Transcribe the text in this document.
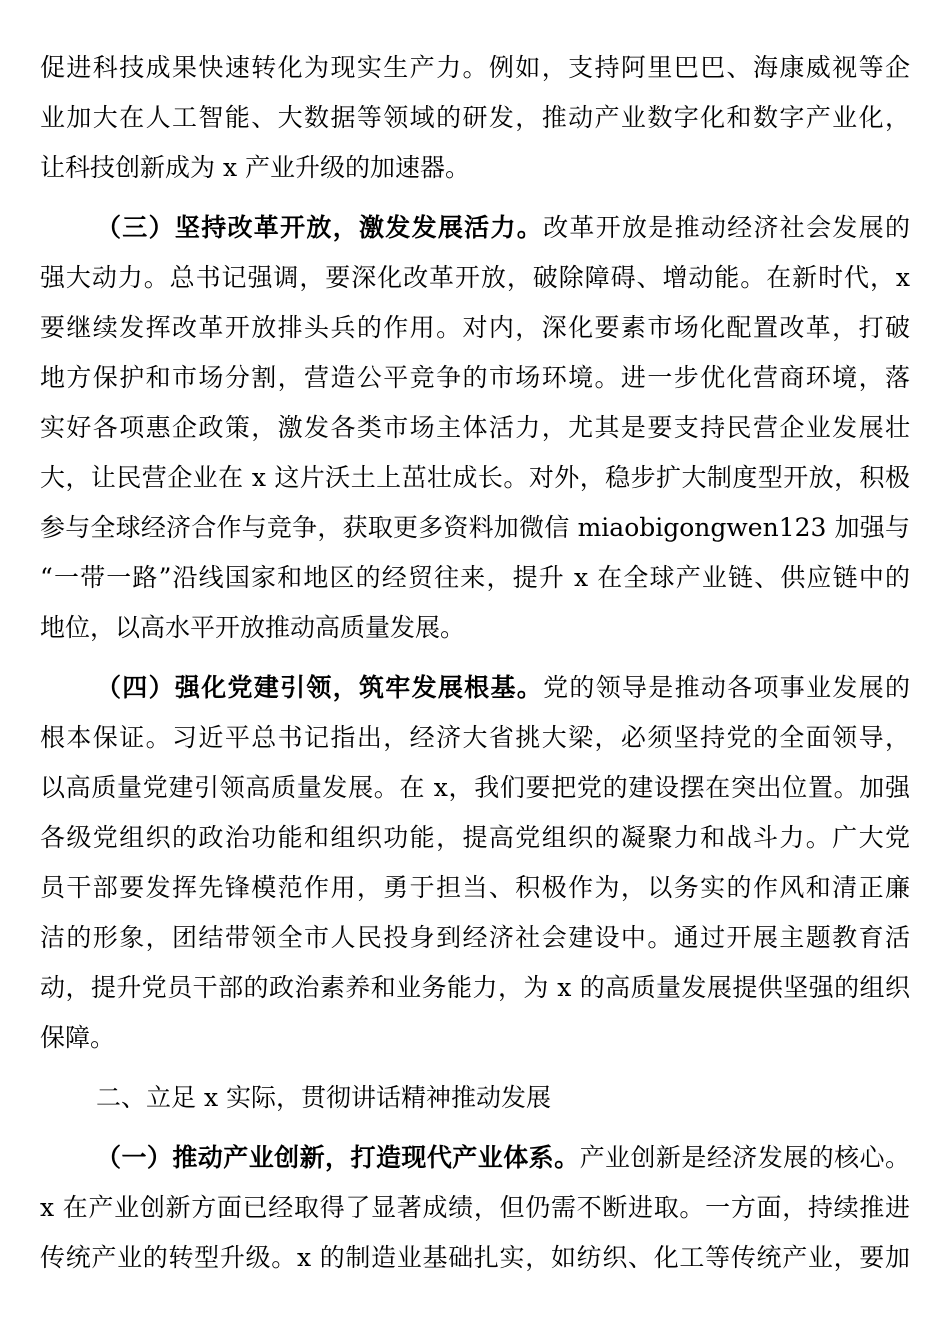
促进科技成果快速转化为现实生产力。例如，支持阿里巴巴、海康威视等企
业加大在人工智能、大数据等领域的研发，推动产业数字化和数字产业化，
让科技创新成为 x 产业升级的加速器。
（三）坚持改革开放，激发发展活力。改革开放是推动经济社会发展的
强大动力。总书记强调，要深化改革开放，破除障碍、增动能。在新时代，x
要继续发挥改革开放排头兵的作用。对内，深化要素市场化配置改革，打破
地方保护和市场分割，营造公平竞争的市场环境。进一步优化营商环境，落
实好各项惠企政策，激发各类市场主体活力，尤其是要支持民营企业发展壮
大，让民营企业在 x 这片沃土上茁壮成长。对外，稳步扩大制度型开放，积极
参与全球经济合作与竞争，获取更多资料加微信 miaobigongwen123 加强与
“一带一路”沿线国家和地区的经贸往来，提升 x 在全球产业链、供应链中的
地位，以高水平开放推动高质量发展。
（四）强化党建引领，筑牢发展根基。党的领导是推动各项事业发展的
根本保证。习近平总书记指出，经济大省挑大梁，必须坚持党的全面领导，
以高质量党建引领高质量发展。在 x，我们要把党的建设摆在突出位置。加强
各级党组织的政治功能和组织功能，提高党组织的凝聚力和战斗力。广大党
员干部要发挥先锋模范作用，勇于担当、积极作为，以务实的作风和清正廉
洁的形象，团结带领全市人民投身到经济社会建设中。通过开展主题教育活
动，提升党员干部的政治素养和业务能力，为 x 的高质量发展提供坚强的组织
保障。
二、立足 x 实际，贯彻讲话精神推动发展
（一）推动产业创新，打造现代产业体系。产业创新是经济发展的核心。
x 在产业创新方面已经取得了显著成绩，但仍需不断进取。一方面，持续推进
传统产业的转型升级。x 的制造业基础扎实，如纺织、化工等传统产业，要加
